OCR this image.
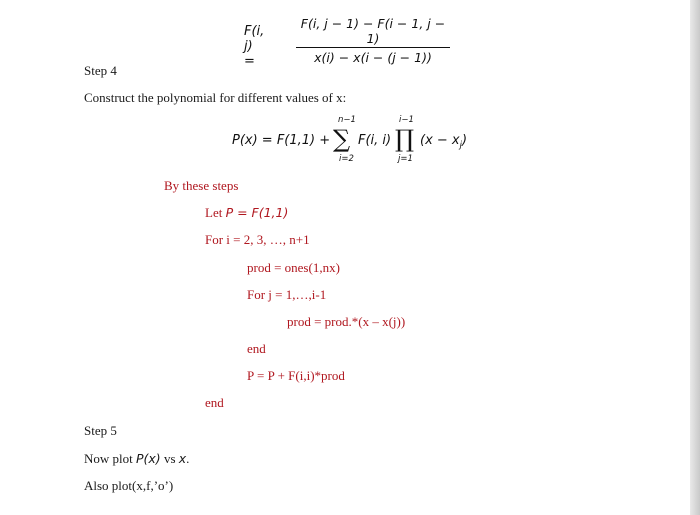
F(i, j) =
F(i, j − 1) − F(i − 1, j − 1)
x(i) − x(i − (j − 1))
Step 4
Construct the polynomial for different values of x:
P(x) = F(1,1) +
n−1
∑
i=2
F(i, i)
i−1
∏
j=1
$(x - x_j)$
By these steps
Let P = F(1,1)
For i = 2, 3, …, n+1
prod = ones(1,nx)
For j = 1,…,i-1
prod = prod.*(x – x(j))
end
P = P + F(i,i)*prod
end
Step 5
Now plot P(x) vs x.
Also plot(x,f,’o’)
